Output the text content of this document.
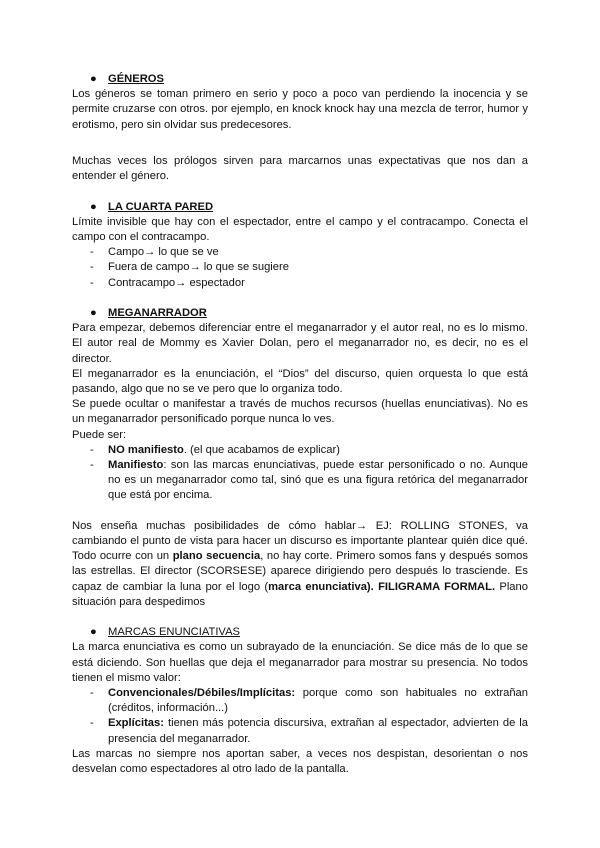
● GÉNEROS

Los géneros se toman primero en serio y poco a poco van perdiendo la inocencia y se permite cruzarse con otros. por ejemplo, en knock knock hay una mezcla de terror, humor y erotismo, pero sin olvidar sus predecesores.

Muchas veces los prólogos sirven para marcarnos unas expectativas que nos dan a entender el género.

● LA CUARTA PARED

Límite invisible que hay con el espectador, entre el campo y el contracampo. Conecta el campo con el contracampo.

- Campo→ lo que se ve
- Fuera de campo→ lo que se sugiere
- Contracampo→ espectador
● MEGANARRADOR

Para empezar, debemos diferenciar entre el meganarrador y el autor real, no es lo mismo. El autor real de Mommy es Xavier Dolan, pero el meganarrador no, es decir, no es el director.

El meganarrador es la enunciación, el “Dios” del discurso, quien orquesta lo que está pasando, algo que no se ve pero que lo organiza todo.

Se puede ocultar o manifestar a través de muchos recursos (huellas enunciativas). No es un meganarrador personificado porque nunca lo ves.

Puede ser:

- NO manifiesto. (el que acabamos de explicar)
- Manifiesto: son las marcas enunciativas, puede estar personificado o no. Aunque no es un meganarrador como tal, sinó que es una figura retórica del meganarrador que está por encima.

Nos enseña muchas posibilidades de cómo hablar→ EJ: ROLLING STONES, va cambiando el punto de vista para hacer un discurso es importante plantear quién dice qué. Todo ocurre con un plano secuencia, no hay corte. Primero somos fans y después somos las estrellas. El director (SCORSESE) aparece dirigiendo pero después lo trasciende. Es capaz de cambiar la luna por el logo (marca enunciativa). FILIGRAMA FORMAL. Plano situación para despedimos

● MARCAS ENUNCIATIVAS

La marca enunciativa es como un subrayado de la enunciación. Se dice más de lo que se está diciendo. Son huellas que deja el meganarrador para mostrar su presencia. No todos tienen el mismo valor:

- Convencionales/Débiles/Implícitas: porque como son habituales no extrañan (créditos, información...)
- Explícitas: tienen más potencia discursiva, extrañan al espectador, advierten de la presencia del meganarrador.

Las marcas no siempre nos aportan saber, a veces nos despistan, desorientan o nos desvelan como espectadores al otro lado de la pantalla.
